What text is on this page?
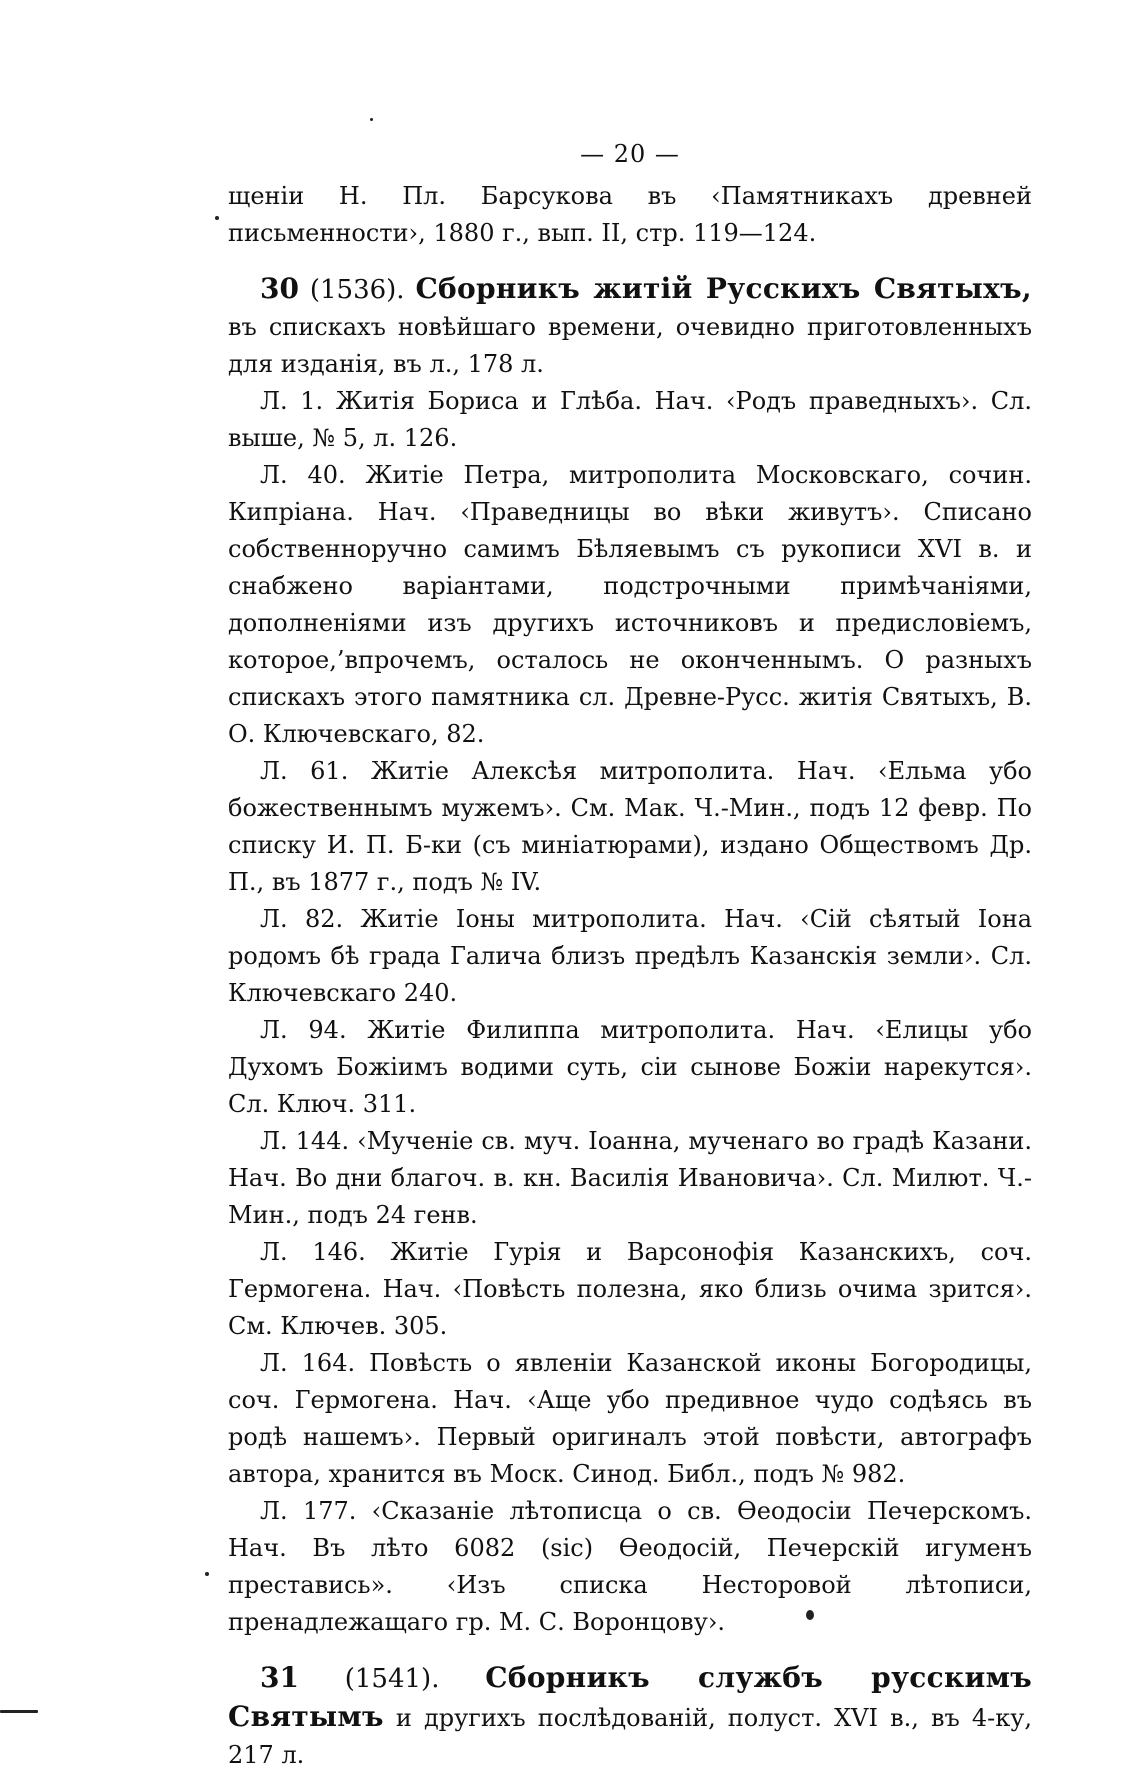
— 20 —

щеніи Н. Пл. Барсукова въ ‹Памятникахъ древней письменности›, 1880 г., вып. II, стр. 119—124.

30 (1536). Сборникъ житій Русскихъ Святыхъ, въ спискахъ новѣйшаго времени, очевидно приготовленныхъ для изданія, въ л., 178 л.

Л. 1. Житія Бориса и Глѣба. Нач. ‹Родъ праведныхъ›. Сл. выше, № 5, л. 126.

Л. 40. Житіе Петра, митрополита Московскаго, сочин. Кипріана. Нач. ‹Праведницы во вѣки живутъ›. Списано собственноручно самимъ Бѣляевымъ съ рукописи XVI в. и снабжено варіантами, подстрочными примѣчаніями, дополненіями изъ другихъ источниковъ и предисловіемъ, которое,’впрочемъ, осталось не оконченнымъ. О разныхъ спискахъ этого памятника сл. Древне-Русс. житія Святыхъ, В. О. Ключевскаго, 82.

Л. 61. Житіе Алексѣя митрополита. Нач. ‹Ельма убо божественнымъ мужемъ›. См. Мак. Ч.-Мин., подъ 12 февр. По списку И. П. Б-ки (съ миніатюрами), издано Обществомъ Др. П., въ 1877 г., подъ № IV.

Л. 82. Житіе Іоны митрополита. Нач. ‹Сій сѣятый Іона родомъ бѣ града Галича близъ предѣлъ Казанскія земли›. Сл. Ключевскаго 240.

Л. 94. Житіе Филиппа митрополита. Нач. ‹Елицы убо Духомъ Божіимъ водими суть, сіи сынове Божіи нарекутся›. Сл. Ключ. 311.

Л. 144. ‹Мученіе св. муч. Іоанна, мученаго во градѣ Казани. Нач. Во дни благоч. в. кн. Василія Ивановича›. Сл. Милют. Ч.-Мин., подъ 24 генв.

Л. 146. Житіе Гурія и Варсонофія Казанскихъ, соч. Гермогена. Нач. ‹Повѣсть полезна, яко близь очима зрится›. См. Ключев. 305.

Л. 164. Повѣсть о явленіи Казанской иконы Богородицы, соч. Гермогена. Нач. ‹Аще убо предивное чудо содѣясь въ родѣ нашемъ›. Первый оригиналъ этой повѣсти, автографъ автора, хранится въ Моск. Синод. Библ., подъ № 982.

Л. 177. ‹Сказаніе лѣтописца о св. Ѳеодосіи Печерскомъ. Нач. Въ лѣто 6082 (sic) Ѳеодосій, Печерскій игуменъ преставись». ‹Изъ списка Несторовой лѣтописи, пренадлежащаго гр. М. С. Воронцову›.

31 (1541). Сборникъ службъ русскимъ Святымъ и другихъ послѣдованій, полуст. XVI в., въ 4-ку, 217 л.
